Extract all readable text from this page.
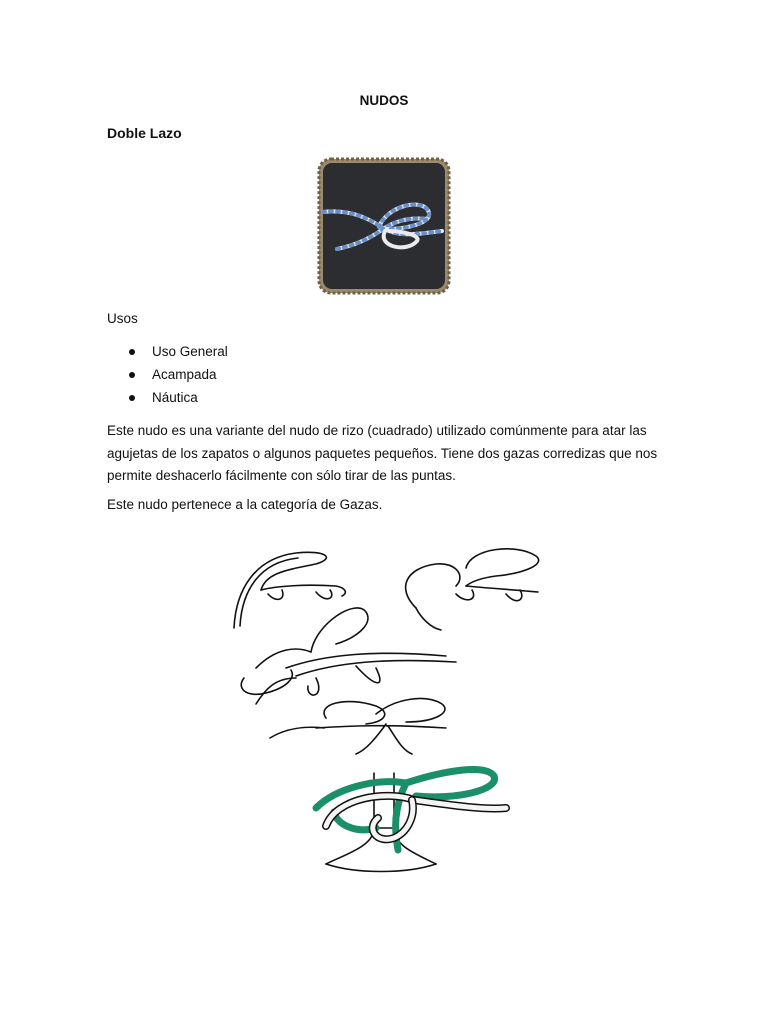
NUDOS
Doble Lazo
Usos
Uso General
Acampada
Náutica
Este nudo es una variante del nudo de rizo (cuadrado) utilizado comúnmente para atar las agujetas de los zapatos o algunos paquetes pequeños. Tiene dos gazas corredizas que nos permite deshacerlo fácilmente con sólo tirar de las puntas.
Este nudo pertenece a la categoría de Gazas.
